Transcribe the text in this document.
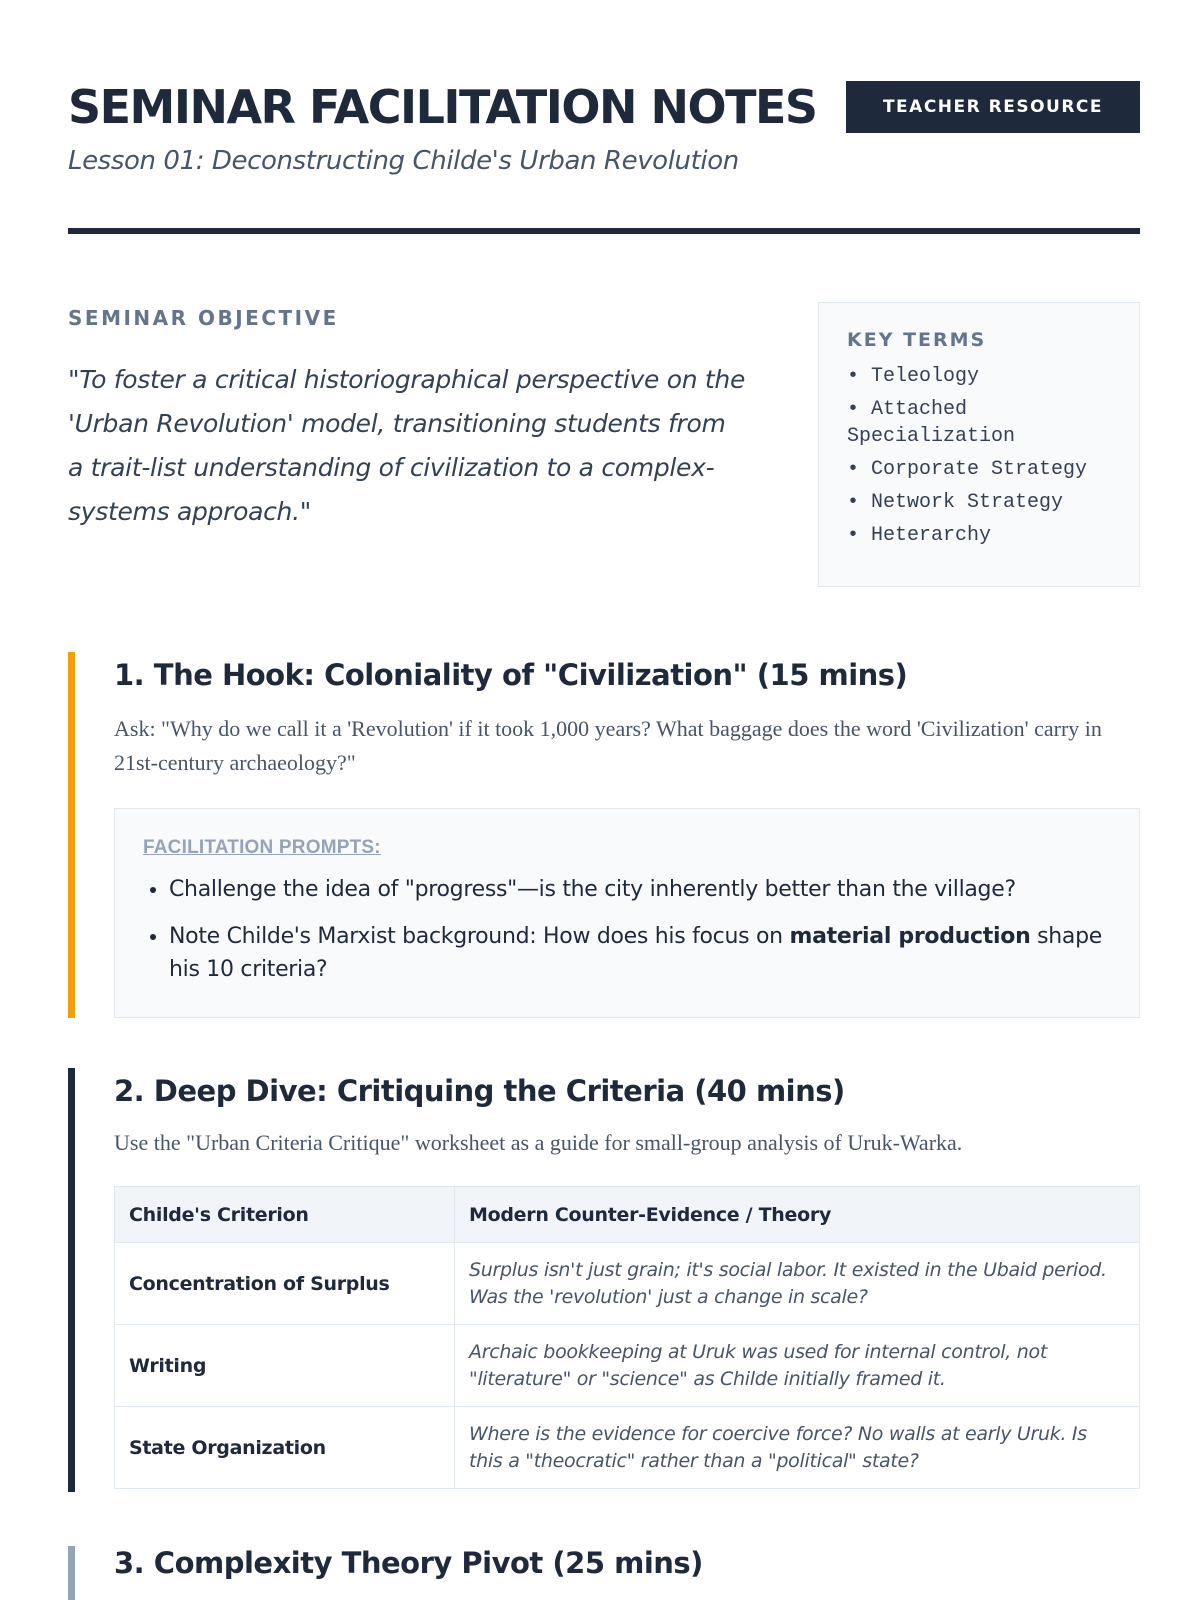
SEMINAR FACILITATION NOTES	TEACHER RESOURCE
Lesson 01: Deconstructing Childe's Urban Revolution
SEMINAR OBJECTIVE
"To foster a critical historiographical perspective on the 'Urban Revolution' model, transitioning students from a trait-list understanding of civilization to a complex-systems approach."
KEY TERMS
• Teleology
• Attached Specialization
• Corporate Strategy
• Network Strategy
• Heterarchy
1. The Hook: Coloniality of "Civilization" (15 mins)
Ask: "Why do we call it a 'Revolution' if it took 1,000 years? What baggage does the word 'Civilization' carry in 21st-century archaeology?"
FACILITATION PROMPTS:
• Challenge the idea of "progress"—is the city inherently better than the village?
• Note Childe's Marxist background: How does his focus on material production shape his 10 criteria?
2. Deep Dive: Critiquing the Criteria (40 mins)
Use the "Urban Criteria Critique" worksheet as a guide for small-group analysis of Uruk-Warka.
Childe's Criterion	Modern Counter-Evidence / Theory
Concentration of Surplus	Surplus isn't just grain; it's social labor. It existed in the Ubaid period. Was the 'revolution' just a change in scale?
Writing	Archaic bookkeeping at Uruk was used for internal control, not "literature" or "science" as Childe initially framed it.
State Organization	Where is the evidence for coercive force? No walls at early Uruk. Is this a "theocratic" rather than a "political" state?
3. Complexity Theory Pivot (25 mins)
